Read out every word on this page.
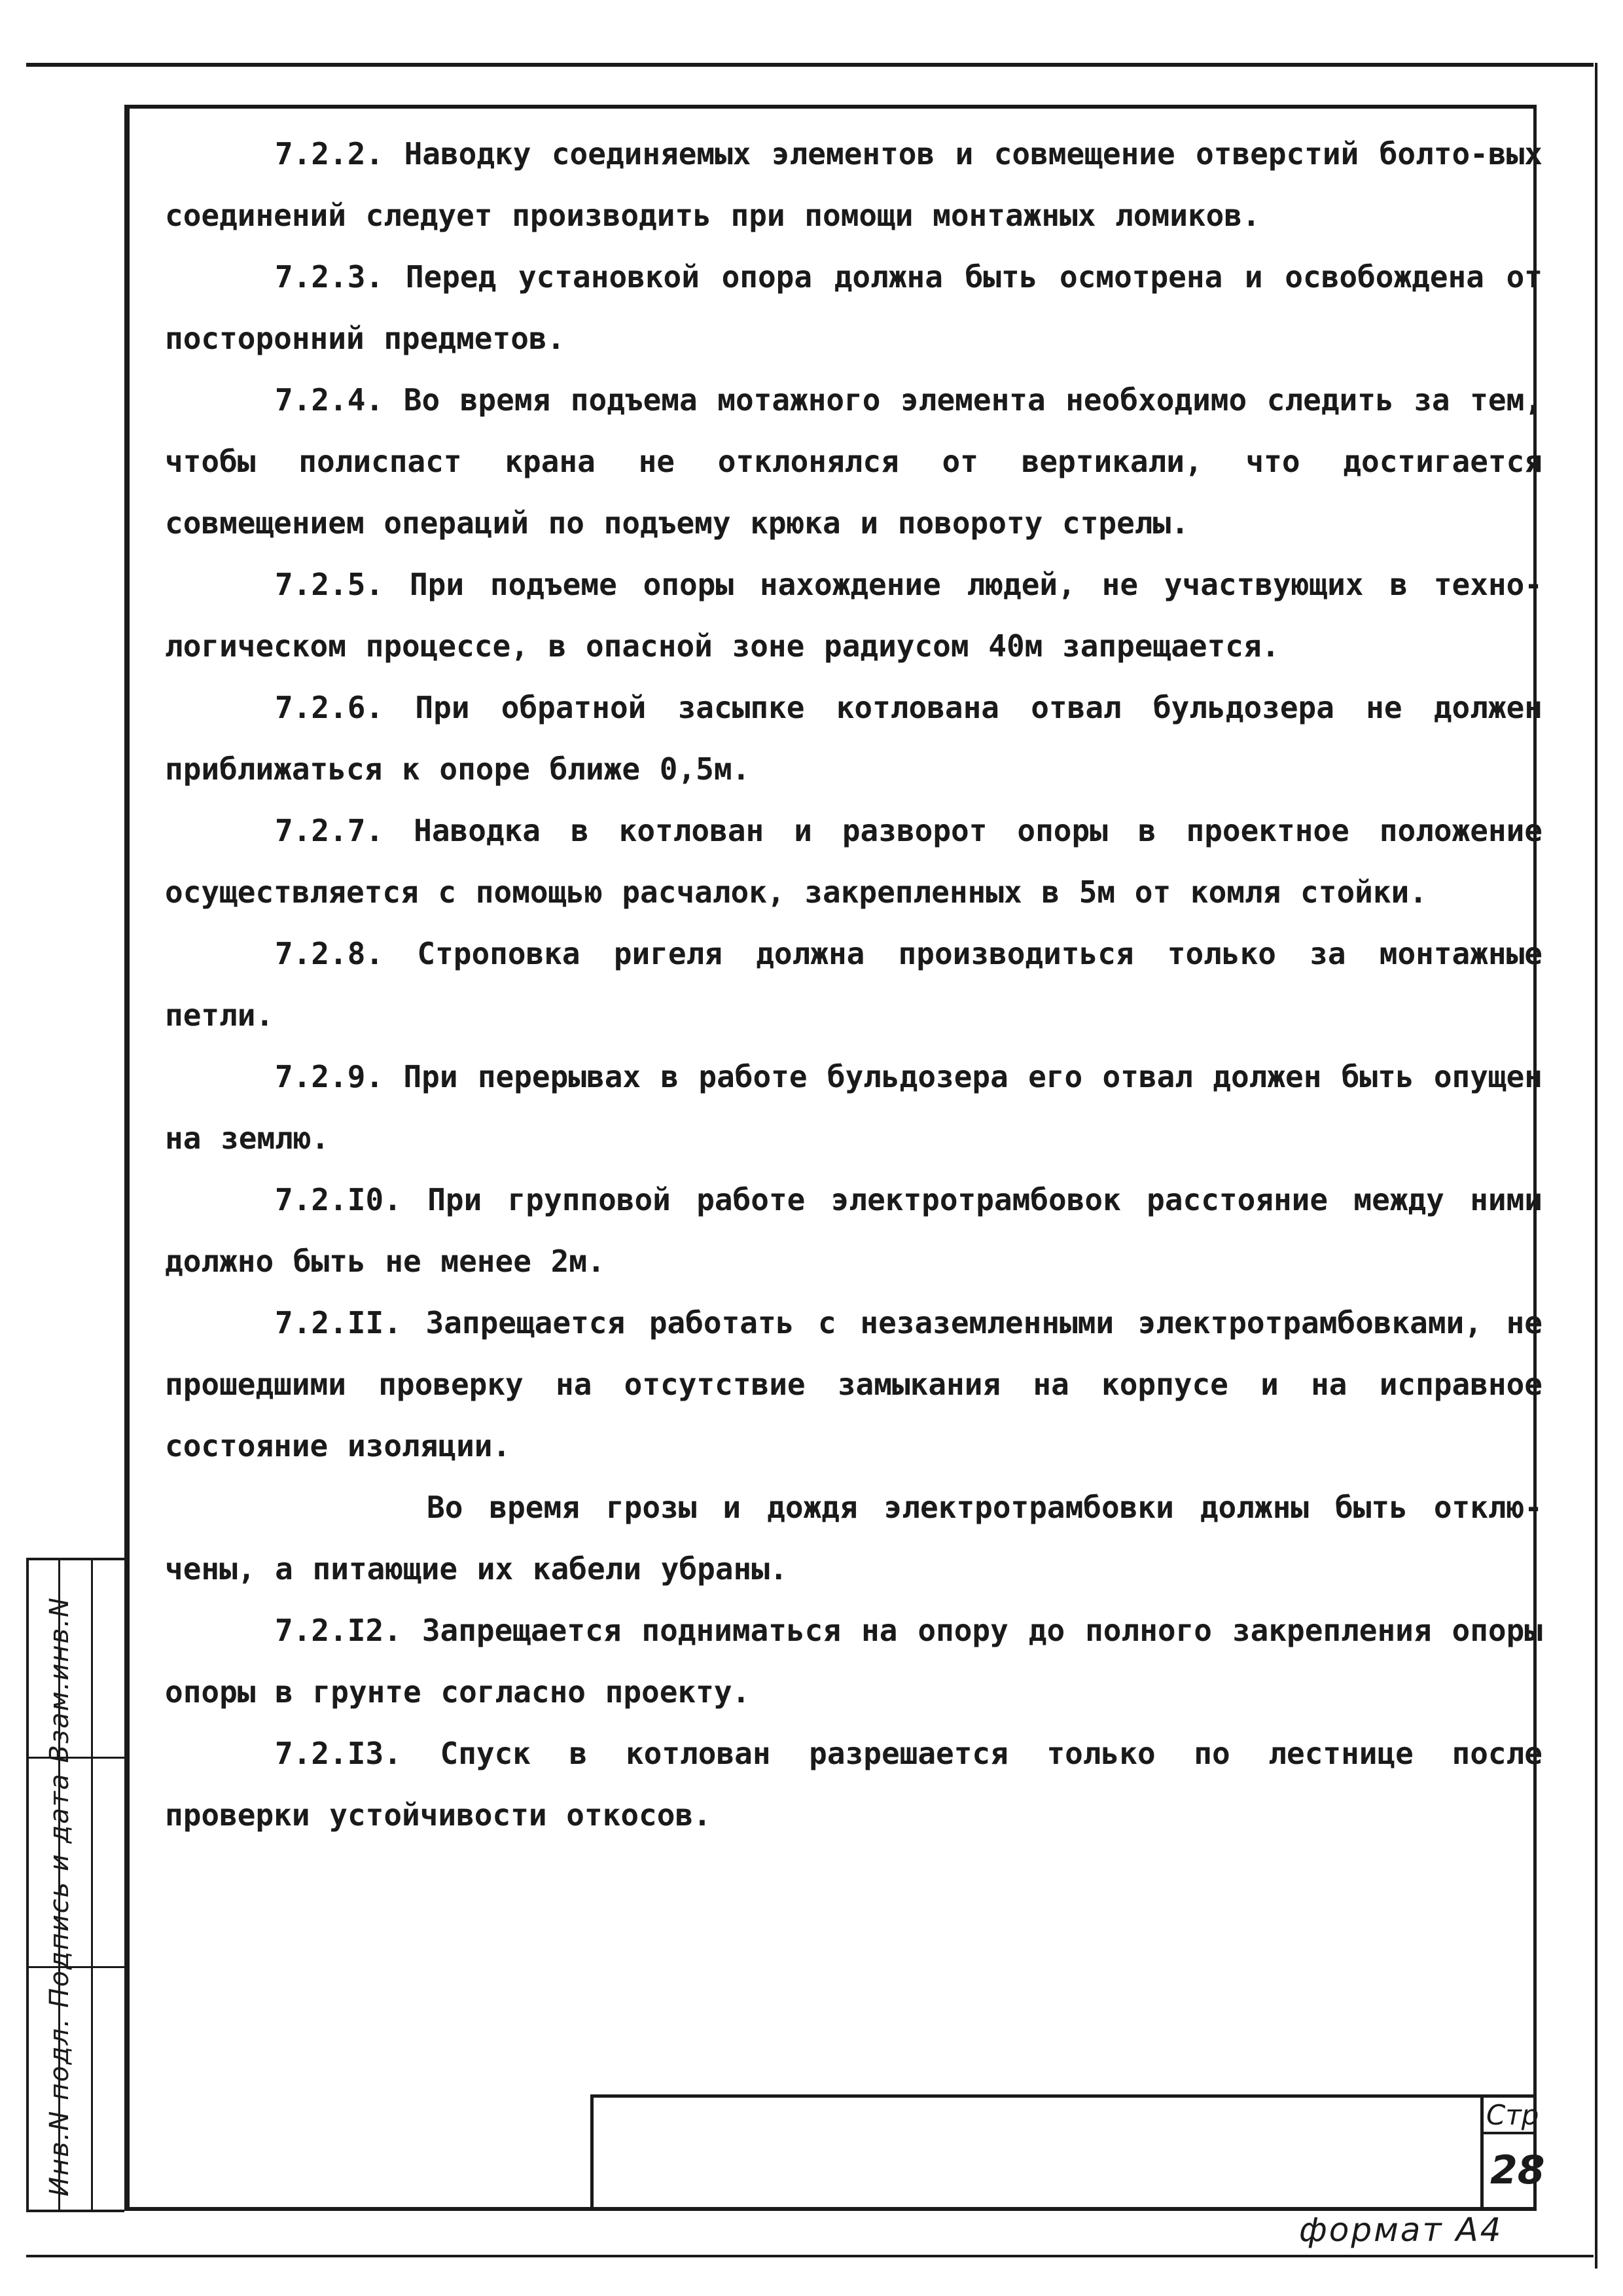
Инв.N подл. Подпись и дата Взам.инв.N

7.2.2. Наводку соединяемых элементов и совмещение отверстий болто-вых соединений следует производить при помощи монтажных ломиков.

7.2.3. Перед установкой опора должна быть осмотрена и освобождена от посторонний предметов.

7.2.4. Во время подъема мотажного элемента необходимо следить за тем, чтобы полиспаст крана не отклонялся от вертикали, что достигается совмещением операций по подъему крюка и повороту стрелы.

7.2.5. При подъеме опоры нахождение людей, не участвующих в техно-логическом процессе, в опасной зоне радиусом 40м запрещается.

7.2.6. При обратной засыпке котлована отвал бульдозера не должен приближаться к опоре ближе 0,5м.

7.2.7. Наводка в котлован и разворот опоры в проектное положение осуществляется с помощью расчалок, закрепленных в 5м от комля стойки.

7.2.8. Строповка ригеля должна производиться только за монтажные петли.

7.2.9. При перерывах в работе бульдозера его отвал должен быть опущен на землю.

7.2.I0. При групповой работе электротрамбовок расстояние между ними должно быть не менее 2м.

7.2.II. Запрещается работать с незаземленными электротрамбовками, не прошедшими проверку на отсутствие замыкания на корпусе и на исправное состояние изоляции.

Во время грозы и дождя электротрамбовки должны быть отклю-чены, а питающие их кабели убраны.

7.2.I2. Запрещается подниматься на опору до полного закрепления опоры опоры в грунте согласно проекту.

7.2.I3. Спуск в котлован разрешается только по лестнице после проверки устойчивости откосов.

Стр
28
формат А4
